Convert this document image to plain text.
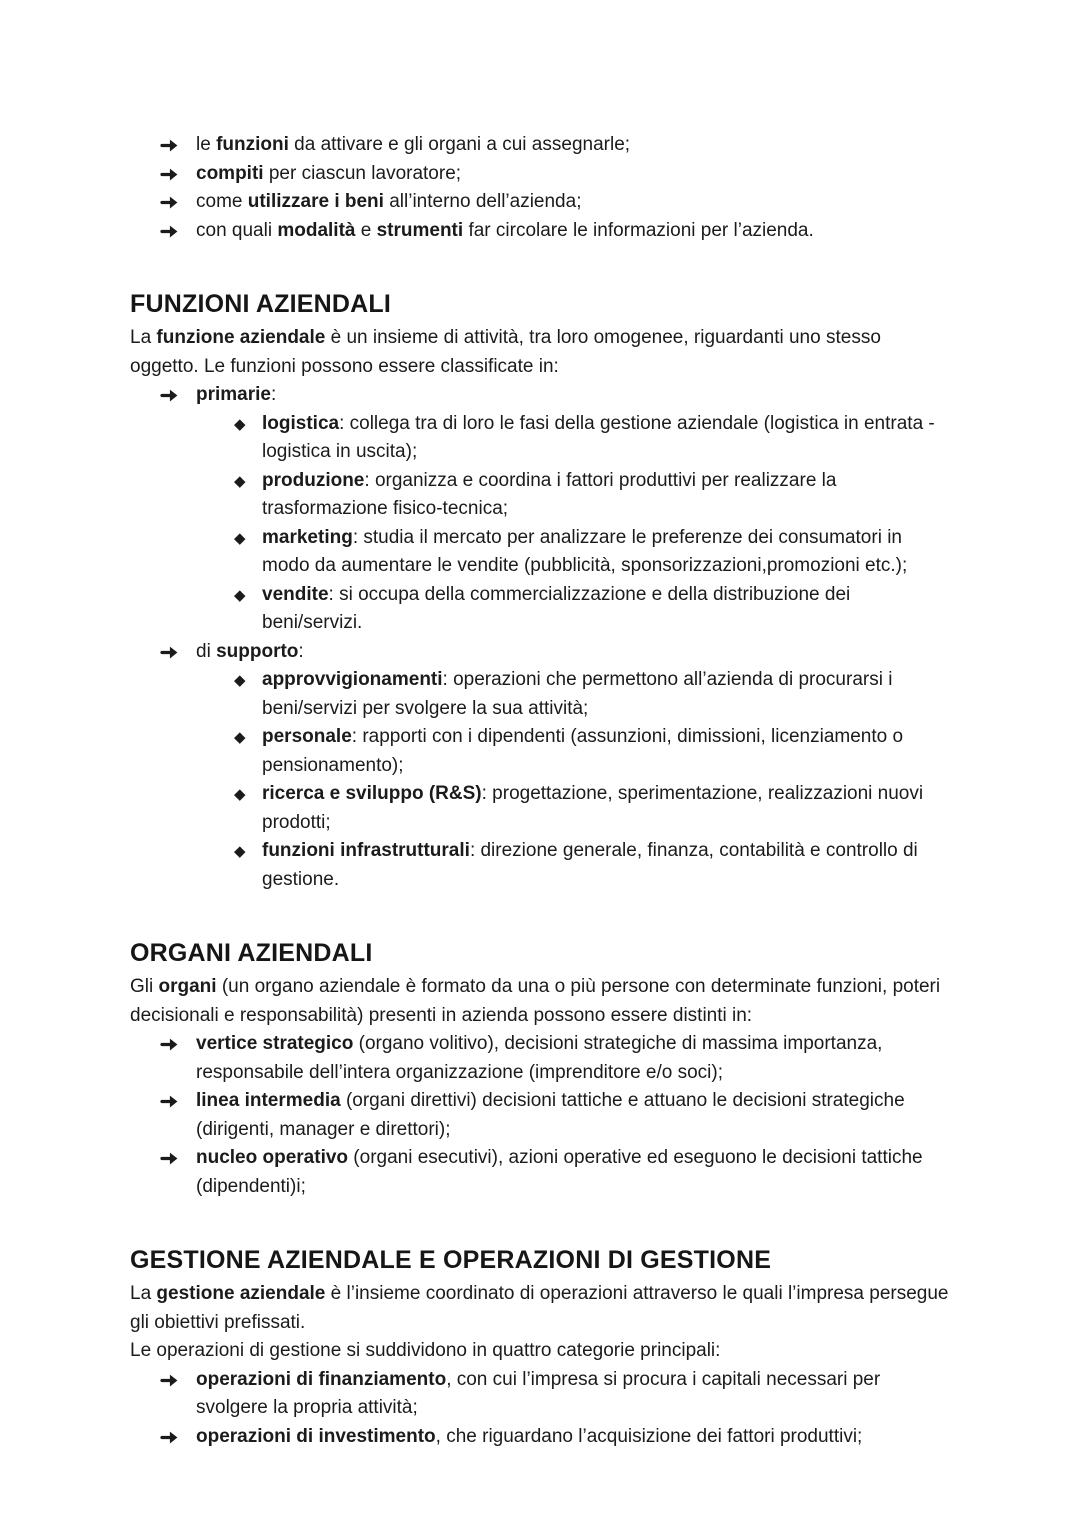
le funzioni da attivare e gli organi a cui assegnarle;
compiti per ciascun lavoratore;
come utilizzare i beni all’interno dell’azienda;
con quali modalità e strumenti far circolare le informazioni per l’azienda.
FUNZIONI AZIENDALI

La funzione aziendale è un insieme di attività, tra loro omogenee, riguardanti uno stesso oggetto. Le funzioni possono essere classificate in:

primarie:
◆ logistica: collega tra di loro le fasi della gestione aziendale (logistica in entrata - logistica in uscita);
◆ produzione: organizza e coordina i fattori produttivi per realizzare la trasformazione fisico-tecnica;
◆ marketing: studia il mercato per analizzare le preferenze dei consumatori in modo da aumentare le vendite (pubblicità, sponsorizzazioni,promozioni etc.);
◆ vendite: si occupa della commercializzazione e della distribuzione dei beni/servizi.
di supporto:
◆ approvvigionamenti: operazioni che permettono all’azienda di procurarsi i beni/servizi per svolgere la sua attività;
◆ personale: rapporti con i dipendenti (assunzioni, dimissioni, licenziamento o pensionamento);
◆ ricerca e sviluppo (R&S): progettazione, sperimentazione, realizzazioni nuovi prodotti;
◆ funzioni infrastrutturali: direzione generale, finanza, contabilità e controllo di gestione.
ORGANI AZIENDALI

Gli organi (un organo aziendale è formato da una o più persone con determinate funzioni, poteri decisionali e responsabilità) presenti in azienda possono essere distinti in:

vertice strategico (organo volitivo), decisioni strategiche di massima importanza, responsabile dell’intera organizzazione (imprenditore e/o soci);
linea intermedia (organi direttivi) decisioni tattiche e attuano le decisioni strategiche (dirigenti, manager e direttori);
nucleo operativo (organi esecutivi), azioni operative ed eseguono le decisioni tattiche (dipendenti)i;
GESTIONE AZIENDALE E OPERAZIONI DI GESTIONE

La gestione aziendale è l’insieme coordinato di operazioni attraverso le quali l’impresa persegue gli obiettivi prefissati.

Le operazioni di gestione si suddividono in quattro categorie principali:

operazioni di finanziamento, con cui l’impresa si procura i capitali necessari per svolgere la propria attività;
operazioni di investimento, che riguardano l’acquisizione dei fattori produttivi;
